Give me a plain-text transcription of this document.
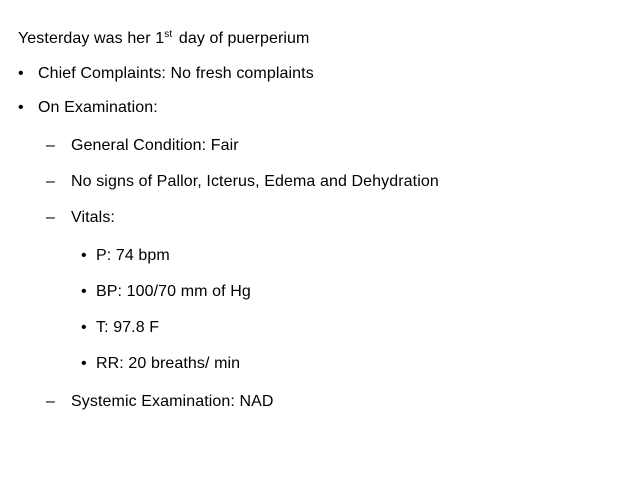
Yesterday was her 1st day of puerperium
• Chief Complaints: No fresh complaints
• On Examination:
– General Condition: Fair
– No signs of Pallor, Icterus, Edema and Dehydration
– Vitals:
• P: 74 bpm
• BP: 100/70 mm of Hg
• T: 97.8 F
• RR: 20 breaths/ min
– Systemic Examination: NAD
